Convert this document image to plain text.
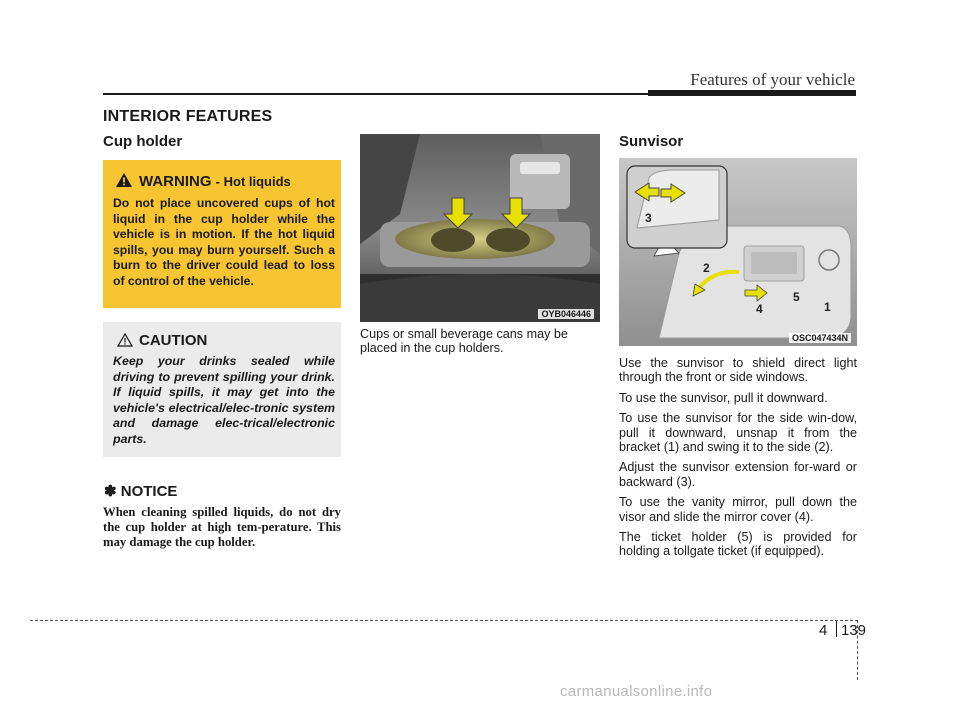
Features of your vehicle
INTERIOR FEATURES
Cup holder
WARNING - Hot liquids
Do not place uncovered cups of hot liquid in the cup holder while the vehicle is in motion. If the hot liquid spills, you may burn yourself. Such a burn to the driver could lead to loss of control of the vehicle.
CAUTION
Keep your drinks sealed while driving to prevent spilling your drink. If liquid spills, it may get into the vehicle's electrical/elec-tronic system and damage elec-trical/electronic parts.
✽ NOTICE
When cleaning spilled liquids, do not dry the cup holder at high tem-perature. This may damage the cup holder.
OYB046446
Cups or small beverage cans may be placed in the cup holders.
Sunvisor
3
2
5
4	1
OSC047434N

Use the sunvisor to shield direct light through the front or side windows.

To use the sunvisor, pull it downward.

To use the sunvisor for the side win-dow, pull it downward, unsnap it from the bracket (1) and swing it to the side (2).

Adjust the sunvisor extension for-ward or backward (3).

To use the vanity mirror, pull down the visor and slide the mirror cover (4).

The ticket holder (5) is provided for holding a tollgate ticket (if equipped).

4 139
carmanualsonline.info
